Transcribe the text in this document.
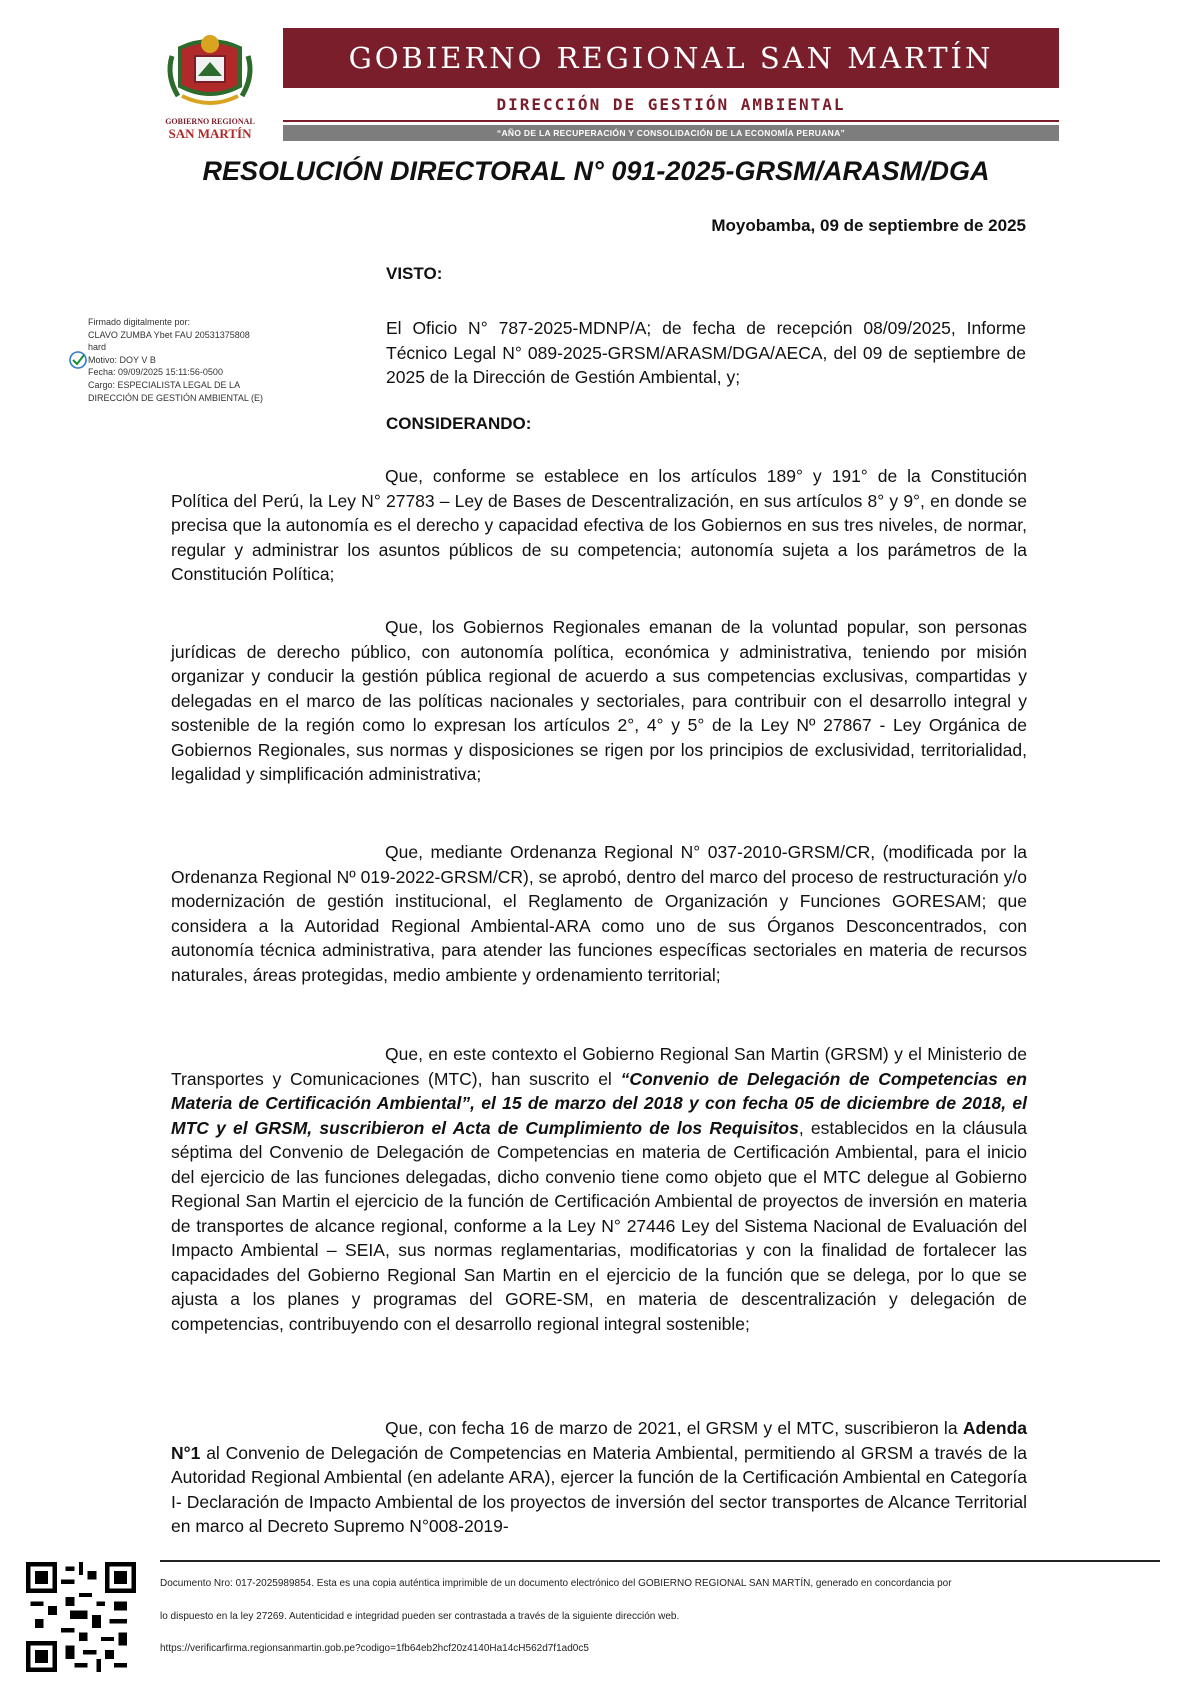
GOBIERNO REGIONAL
SAN MARTÍN
GOBIERNO REGIONAL SAN MARTÍN
DIRECCIÓN DE GESTIÓN AMBIENTAL
“AÑO DE LA RECUPERACIÓN Y CONSOLIDACIÓN DE LA ECONOMÍA PERUANA”
RESOLUCIÓN DIRECTORAL N° 091-2025-GRSM/ARASM/DGA
Moyobamba, 09 de septiembre de 2025
VISTO:
El Oficio N° 787-2025-MDNP/A; de fecha de recepción 08/09/2025, Informe Técnico Legal N° 089-2025-GRSM/ARASM/DGA/AECA, del 09 de septiembre de 2025 de la Dirección de Gestión Ambiental, y;
CONSIDERANDO:
Que, conforme se establece en los artículos 189° y 191° de la Constitución Política del Perú, la Ley N° 27783 – Ley de Bases de Descentralización, en sus artículos 8° y 9°, en donde se precisa que la autonomía es el derecho y capacidad efectiva de los Gobiernos en sus tres niveles, de normar, regular y administrar los asuntos públicos de su competencia; autonomía sujeta a los parámetros de la Constitución Política;
Que, los Gobiernos Regionales emanan de la voluntad popular, son personas jurídicas de derecho público, con autonomía política, económica y administrativa, teniendo por misión organizar y conducir la gestión pública regional de acuerdo a sus competencias exclusivas, compartidas y delegadas en el marco de las políticas nacionales y sectoriales, para contribuir con el desarrollo integral y sostenible de la región como lo expresan los artículos 2°, 4° y 5° de la Ley Nº 27867 - Ley Orgánica de Gobiernos Regionales, sus normas y disposiciones se rigen por los principios de exclusividad, territorialidad, legalidad y simplificación administrativa;
Que, mediante Ordenanza Regional N° 037-2010-GRSM/CR, (modificada por la Ordenanza Regional Nº 019-2022-GRSM/CR), se aprobó, dentro del marco del proceso de restructuración y/o modernización de gestión institucional, el Reglamento de Organización y Funciones GORESAM; que considera a la Autoridad Regional Ambiental-ARA como uno de sus Órganos Desconcentrados, con autonomía técnica administrativa, para atender las funciones específicas sectoriales en materia de recursos naturales, áreas protegidas, medio ambiente y ordenamiento territorial;
Que, en este contexto el Gobierno Regional San Martin (GRSM) y el Ministerio de Transportes y Comunicaciones (MTC), han suscrito el “Convenio de Delegación de Competencias en Materia de Certificación Ambiental”, el 15 de marzo del 2018 y con fecha 05 de diciembre de 2018, el MTC y el GRSM, suscribieron el Acta de Cumplimiento de los Requisitos, establecidos en la cláusula séptima del Convenio de Delegación de Competencias en materia de Certificación Ambiental, para el inicio del ejercicio de las funciones delegadas, dicho convenio tiene como objeto que el MTC delegue al Gobierno Regional San Martin el ejercicio de la función de Certificación Ambiental de proyectos de inversión en materia de transportes de alcance regional, conforme a la Ley N° 27446 Ley del Sistema Nacional de Evaluación del Impacto Ambiental – SEIA, sus normas reglamentarias, modificatorias y con la finalidad de fortalecer las capacidades del Gobierno Regional San Martin en el ejercicio de la función que se delega, por lo que se ajusta a los planes y programas del GORE-SM, en materia de descentralización y delegación de competencias, contribuyendo con el desarrollo regional integral sostenible;
Que, con fecha 16 de marzo de 2021, el GRSM y el MTC, suscribieron la Adenda N°1 al Convenio de Delegación de Competencias en Materia Ambiental, permitiendo al GRSM a través de la Autoridad Regional Ambiental (en adelante ARA), ejercer la función de la Certificación Ambiental en Categoría I- Declaración de Impacto Ambiental de los proyectos de inversión del sector transportes de Alcance Territorial en marco al Decreto Supremo N°008-2019-
Firmado digitalmente por:
CLAVO ZUMBA Ybet FAU 20531375808
hard
Motivo: DOY V B
Fecha: 09/09/2025 15:11:56-0500
Cargo: ESPECIALISTA LEGAL DE LA
DIRECCIÓN DE GESTIÓN AMBIENTAL (E)
Documento Nro: 017-2025989854. Esta es una copia auténtica imprimible de un documento electrónico del GOBIERNO REGIONAL SAN MARTÍN, generado en concordancia por
lo dispuesto en la ley 27269. Autenticidad e integridad pueden ser contrastada a través de la siguiente dirección web.
https://verificarfirma.regionsanmartin.gob.pe?codigo=1fb64eb2hcf20z4140Ha14cH562d7f1ad0c5
